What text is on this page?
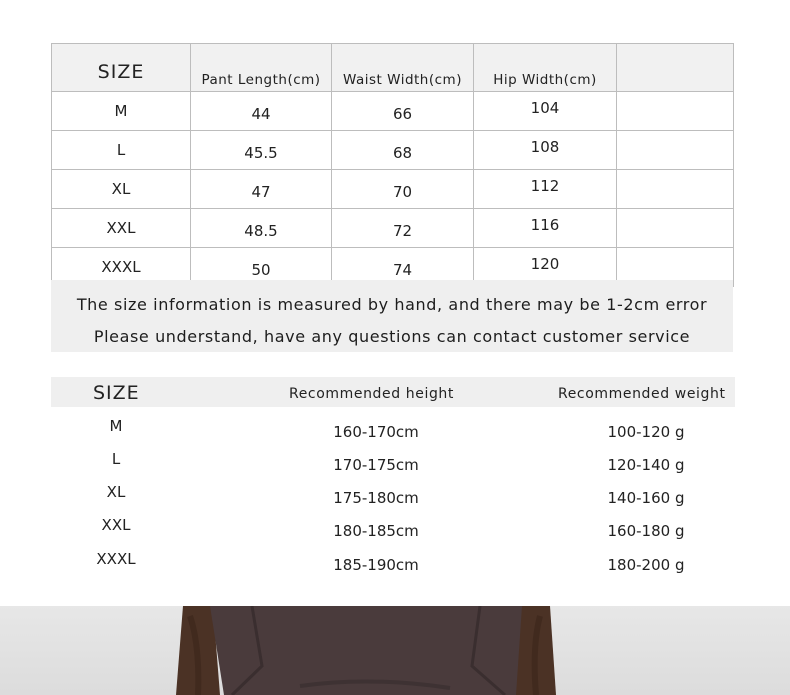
SIZE	Pant Length(cm)	Waist Width(cm)	Hip Width(cm)	
M	44	66	104	
L	45.5	68	108	
XL	47	70	112	
XXL	48.5	72	116	
XXXL	50	74	120	
The size information is measured by hand, and there may be 1-2cm error
Please understand, have any questions can contact customer service
SIZE	Recommended height	Recommended weight
M	160-170cm	100-120 g
L	170-175cm	120-140 g
XL	175-180cm	140-160 g
XXL	180-185cm	160-180 g
XXXL	185-190cm	180-200 g
